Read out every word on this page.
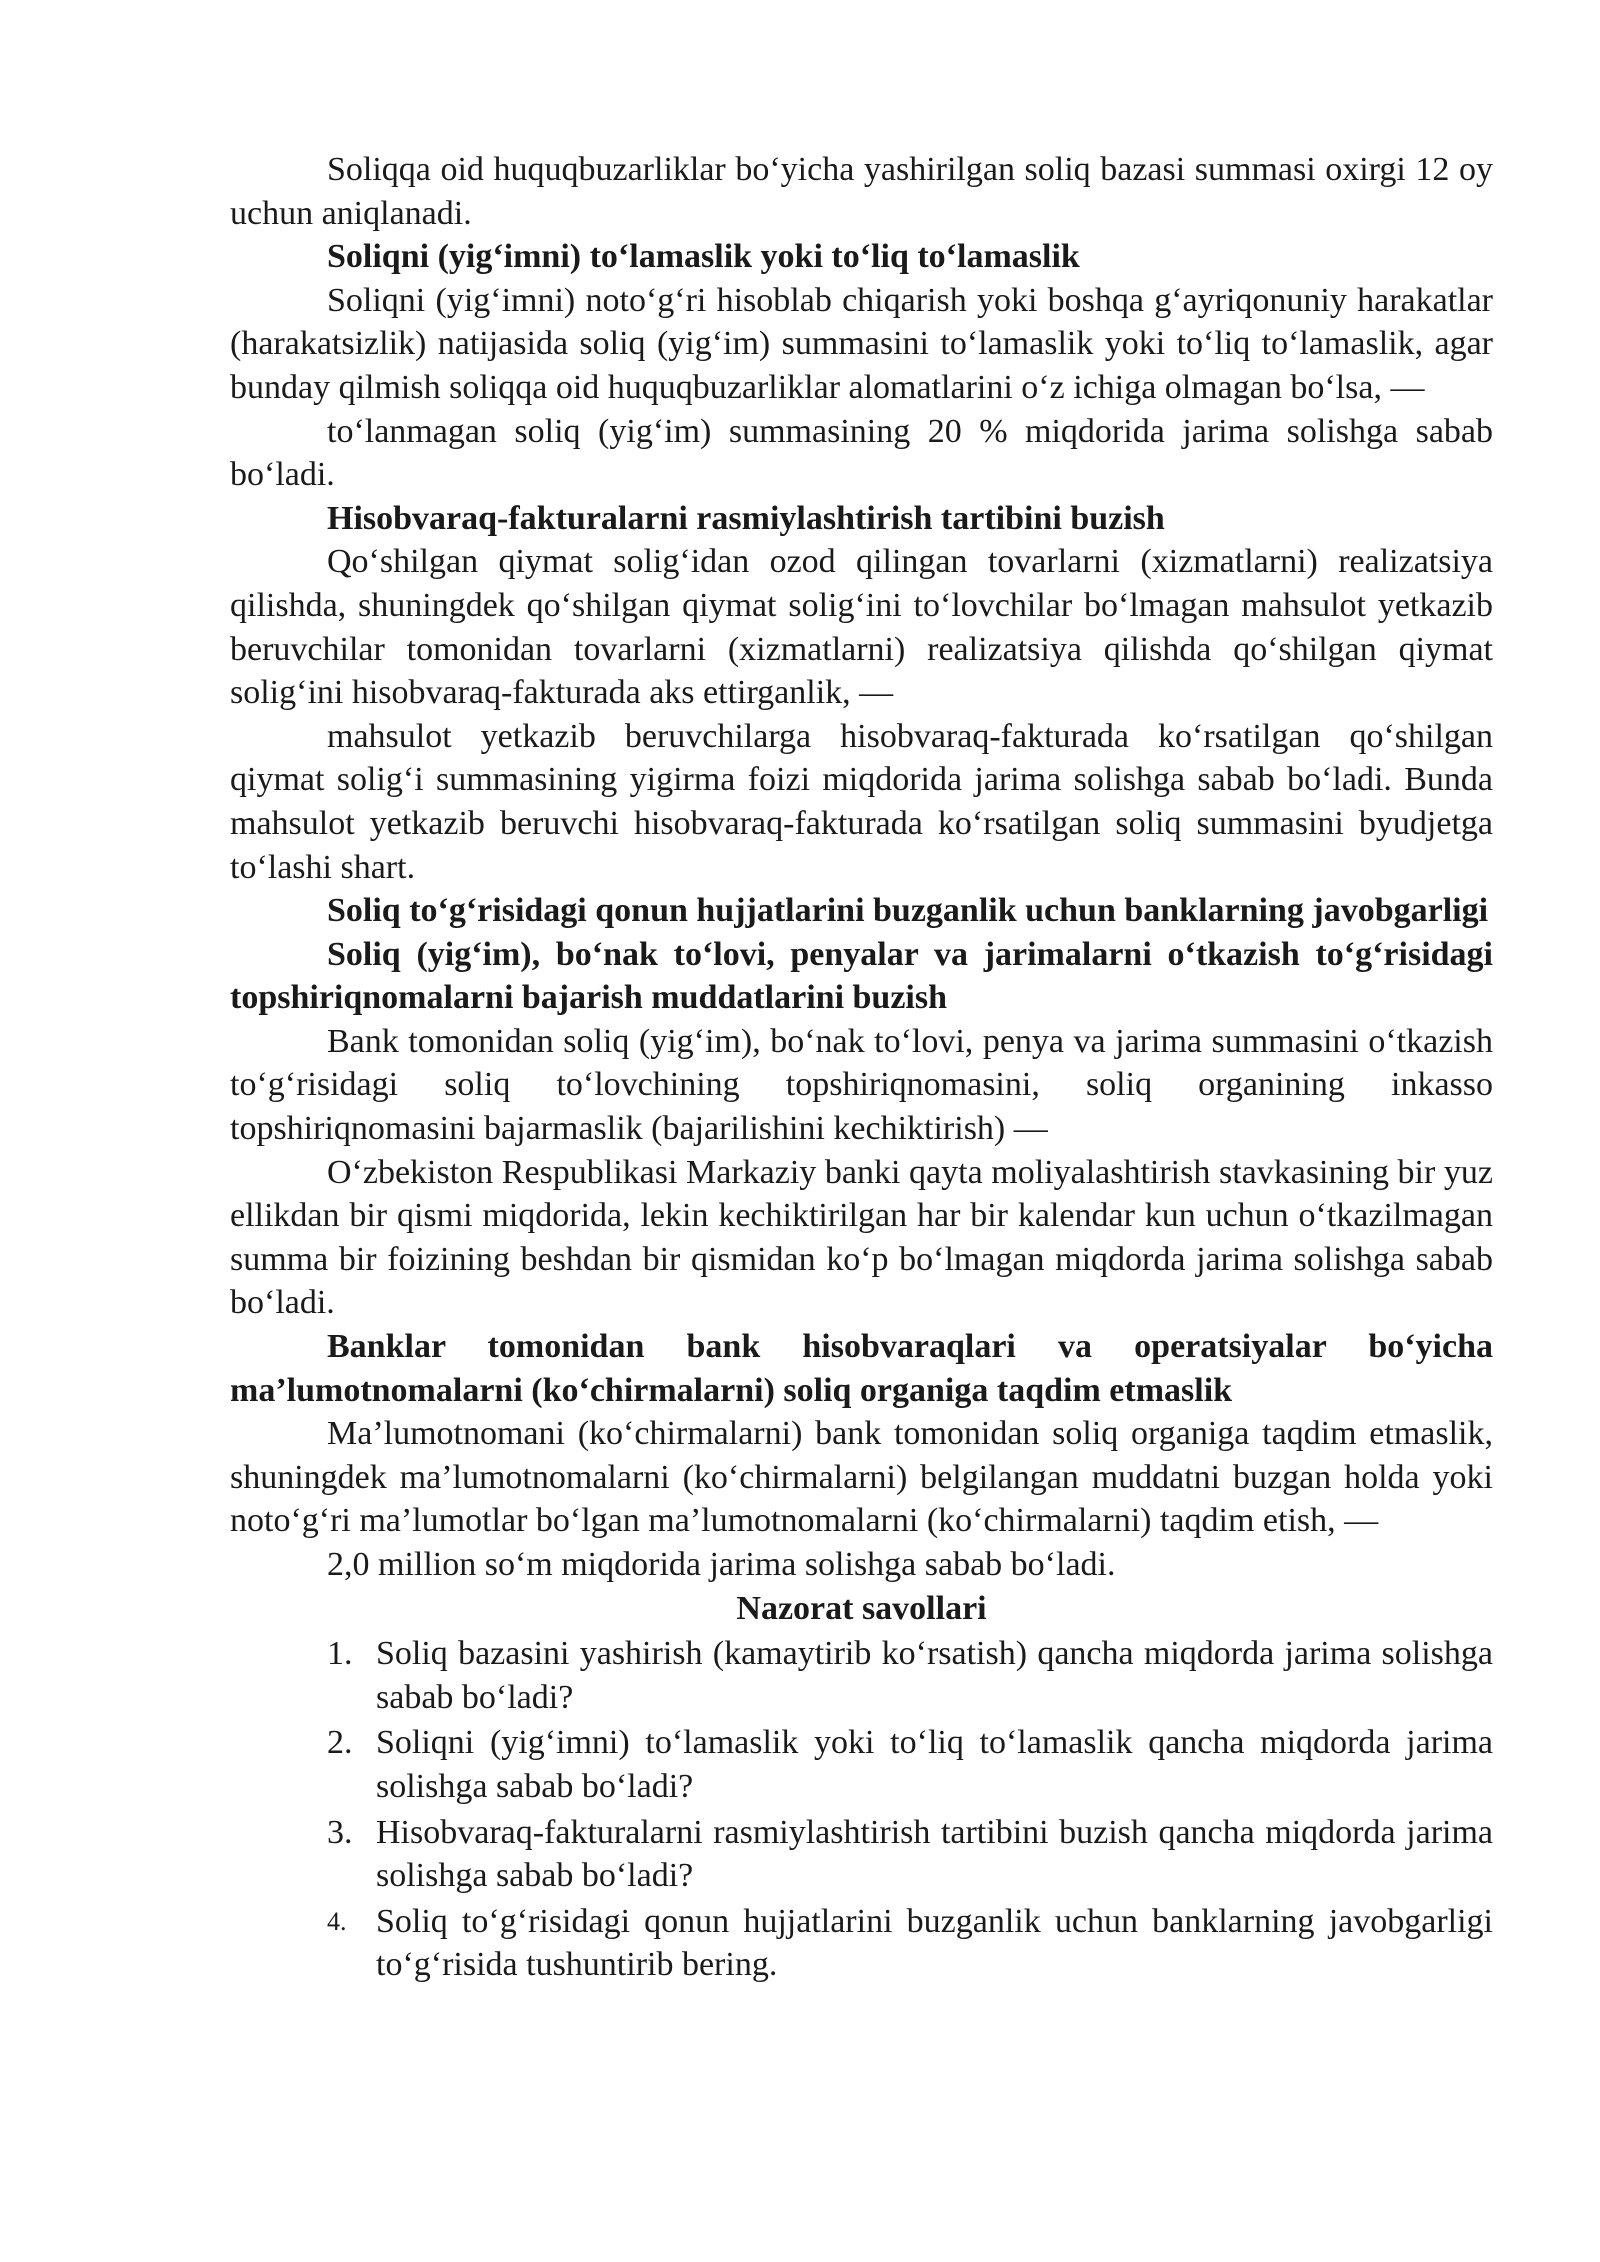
Soliqqa oid huquqbuzarliklar bo‘yicha yashirilgan soliq bazasi summasi oxirgi 12 oy uchun aniqlanadi.

Soliqni (yig‘imni) to‘lamaslik yoki to‘liq to‘lamaslik

Soliqni (yig‘imni) noto‘g‘ri hisoblab chiqarish yoki boshqa g‘ayriqonuniy harakatlar (harakatsizlik) natijasida soliq (yig‘im) summasini to‘lamaslik yoki to‘liq to‘lamaslik, agar bunday qilmish soliqqa oid huquqbuzarliklar alomatlarini o‘z ichiga olmagan bo‘lsa, —

to‘lanmagan soliq (yig‘im) summasining 20 % miqdorida jarima solishga sabab bo‘ladi.

Hisobvaraq-fakturalarni rasmiylashtirish tartibini buzish

Qo‘shilgan qiymat solig‘idan ozod qilingan tovarlarni (xizmatlarni) realizatsiya qilishda, shuningdek qo‘shilgan qiymat solig‘ini to‘lovchilar bo‘lmagan mahsulot yetkazib beruvchilar tomonidan tovarlarni (xizmatlarni) realizatsiya qilishda qo‘shilgan qiymat solig‘ini hisobvaraq-fakturada aks ettirganlik, —

mahsulot yetkazib beruvchilarga hisobvaraq-fakturada ko‘rsatilgan qo‘shilgan qiymat solig‘i summasining yigirma foizi miqdorida jarima solishga sabab bo‘ladi. Bunda mahsulot yetkazib beruvchi hisobvaraq-fakturada ko‘rsatilgan soliq summasini byudjetga to‘lashi shart.

Soliq to‘g‘risidagi qonun hujjatlarini buzganlik uchun banklarning javobgarligi

Soliq (yig‘im), bo‘nak to‘lovi, penyalar va jarimalarni o‘tkazish to‘g‘risidagi topshiriqnomalarni bajarish muddatlarini buzish

Bank tomonidan soliq (yig‘im), bo‘nak to‘lovi, penya va jarima summasini o‘tkazish to‘g‘risidagi soliq to‘lovchining topshiriqnomasini, soliq organining inkasso topshiriqnomasini bajarmaslik (bajarilishini kechiktirish) —

O‘zbekiston Respublikasi Markaziy banki qayta moliyalashtirish stavkasining bir yuz ellikdan bir qismi miqdorida, lekin kechiktirilgan har bir kalendar kun uchun o‘tkazilmagan summa bir foizining beshdan bir qismidan ko‘p bo‘lmagan miqdorda jarima solishga sabab bo‘ladi.

Banklar tomonidan bank hisobvaraqlari va operatsiyalar bo‘yicha ma’lumotnomalarni (ko‘chirmalarni) soliq organiga taqdim etmaslik

Ma’lumotnomani (ko‘chirmalarni) bank tomonidan soliq organiga taqdim etmaslik, shuningdek ma’lumotnomalarni (ko‘chirmalarni) belgilangan muddatni buzgan holda yoki noto‘g‘ri ma’lumotlar bo‘lgan ma’lumotnomalarni (ko‘chirmalarni) taqdim etish, —

2,0 million so‘m miqdorida jarima solishga sabab bo‘ladi.

Nazorat savollari

1. Soliq bazasini yashirish (kamaytirib ko‘rsatish) qancha miqdorda jarima solishga sabab bo‘ladi?
2. Soliqni (yig‘imni) to‘lamaslik yoki to‘liq to‘lamaslik qancha miqdorda jarima solishga sabab bo‘ladi?
3. Hisobvaraq-fakturalarni rasmiylashtirish tartibini buzish qancha miqdorda jarima solishga sabab bo‘ladi?
4. Soliq to‘g‘risidagi qonun hujjatlarini buzganlik uchun banklarning javobgarligi to‘g‘risida tushuntirib bering.
